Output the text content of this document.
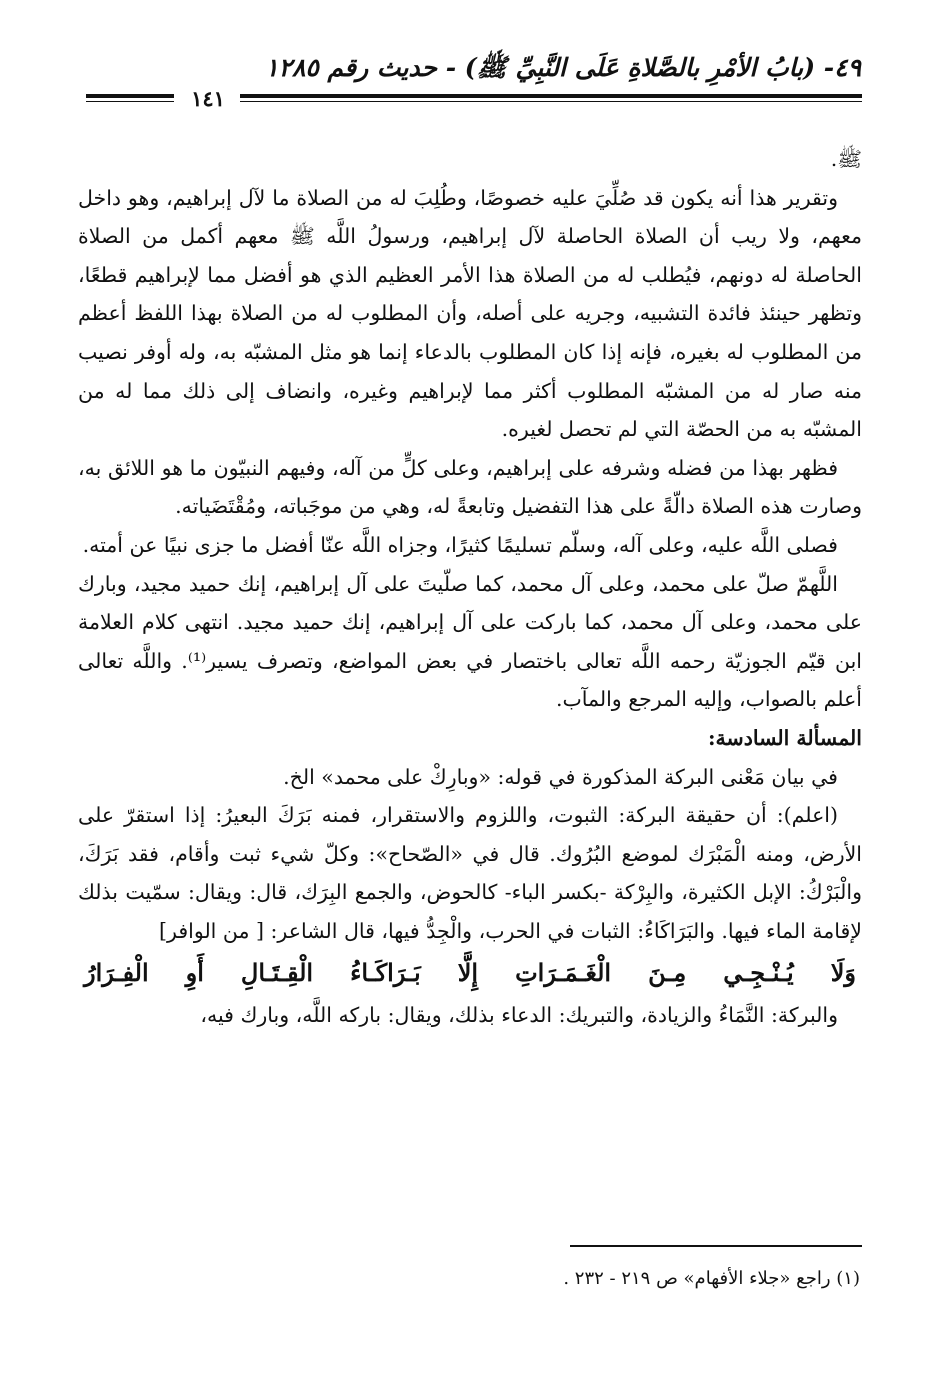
٤٩- (بابُ الأمْرِ بالصَّلاةِ عَلَى النَّبِيِّ ﷺ) - حديث رقم ١٢٨٥
١٤١

ﷺ.

وتقرير هذا أنه يكون قد صُلِّيَ عليه خصوصًا، وطُلِبَ له من الصلاة ما لآل إبراهيم، وهو داخل معهم، ولا ريب أن الصلاة الحاصلة لآل إبراهيم، ورسولُ اللَّه ﷺ معهم أكمل من الصلاة الحاصلة له دونهم، فيُطلب له من الصلاة هذا الأمر العظيم الذي هو أفضل مما لإبراهيم قطعًا، وتظهر حينئذ فائدة التشبيه، وجريه على أصله، وأن المطلوب له من الصلاة بهذا اللفظ أعظم من المطلوب له بغيره، فإنه إذا كان المطلوب بالدعاء إنما هو مثل المشبّه به، وله أوفر نصيب منه صار له من المشبّه المطلوب أكثر مما لإبراهيم وغيره، وانضاف إلى ذلك مما له من المشبّه به من الحصّة التي لم تحصل لغيره.

فظهر بهذا من فضله وشرفه على إبراهيم، وعلى كلٍّ من آله، وفيهم النبيّون ما هو اللائق به، وصارت هذه الصلاة دالّةً على هذا التفضيل وتابعةً له، وهي من موجَباته، ومُقْتَضَياته.

فصلى اللَّه عليه، وعلى آله، وسلّم تسليمًا كثيرًا، وجزاه اللَّه عنّا أفضل ما جزى نبيًا عن أمته.

اللَّهمّ صلّ على محمد، وعلى آل محمد، كما صلّيتَ على آل إبراهيم، إنك حميد مجيد، وبارك على محمد، وعلى آل محمد، كما باركت على آل إبراهيم، إنك حميد مجيد. انتهى كلام العلامة ابن قيّم الجوزيّة رحمه اللَّه تعالى باختصار في بعض المواضع، وتصرف يسير⁽¹⁾. واللَّه تعالى أعلم بالصواب، وإليه المرجع والمآب.

المسألة السادسة:

في بيان مَعْنى البركة المذكورة في قوله: «وبارِكْ على محمد» الخ.

(اعلم): أن حقيقة البركة: الثبوت، واللزوم والاستقرار، فمنه بَرَكَ البعيرُ: إذا استقرّ على الأرض، ومنه الْمَبْرَك لموضع البُرُوك. قال في «الصّحاح»: وكلّ شيء ثبت وأقام، فقد بَرَكَ، والْبَرْكُ: الإبل الكثيرة، والبِرْكة -بكسر الباء- كالحوض، والجمع البِرَك، قال: ويقال: سمّيت بذلك لإقامة الماء فيها. والبَرَاكَاءُ: الثبات في الحرب، والْجِدُّ فيها، قال الشاعر: [ من الوافر]

وَلَا يُـنْـجِـي مِـنَ الْغَـمَـرَاتِ إِلَّا بَـرَاكَـاءُ الْقِـتَـالِ أَوِ الْفِـرَارُ

والبركة: النَّمَاءُ والزيادة، والتبريك: الدعاء بذلك، ويقال: باركه اللَّه، وبارك فيه،

(١) راجع «جلاء الأفهام» ص ٢١٩ - ٢٣٢ .
